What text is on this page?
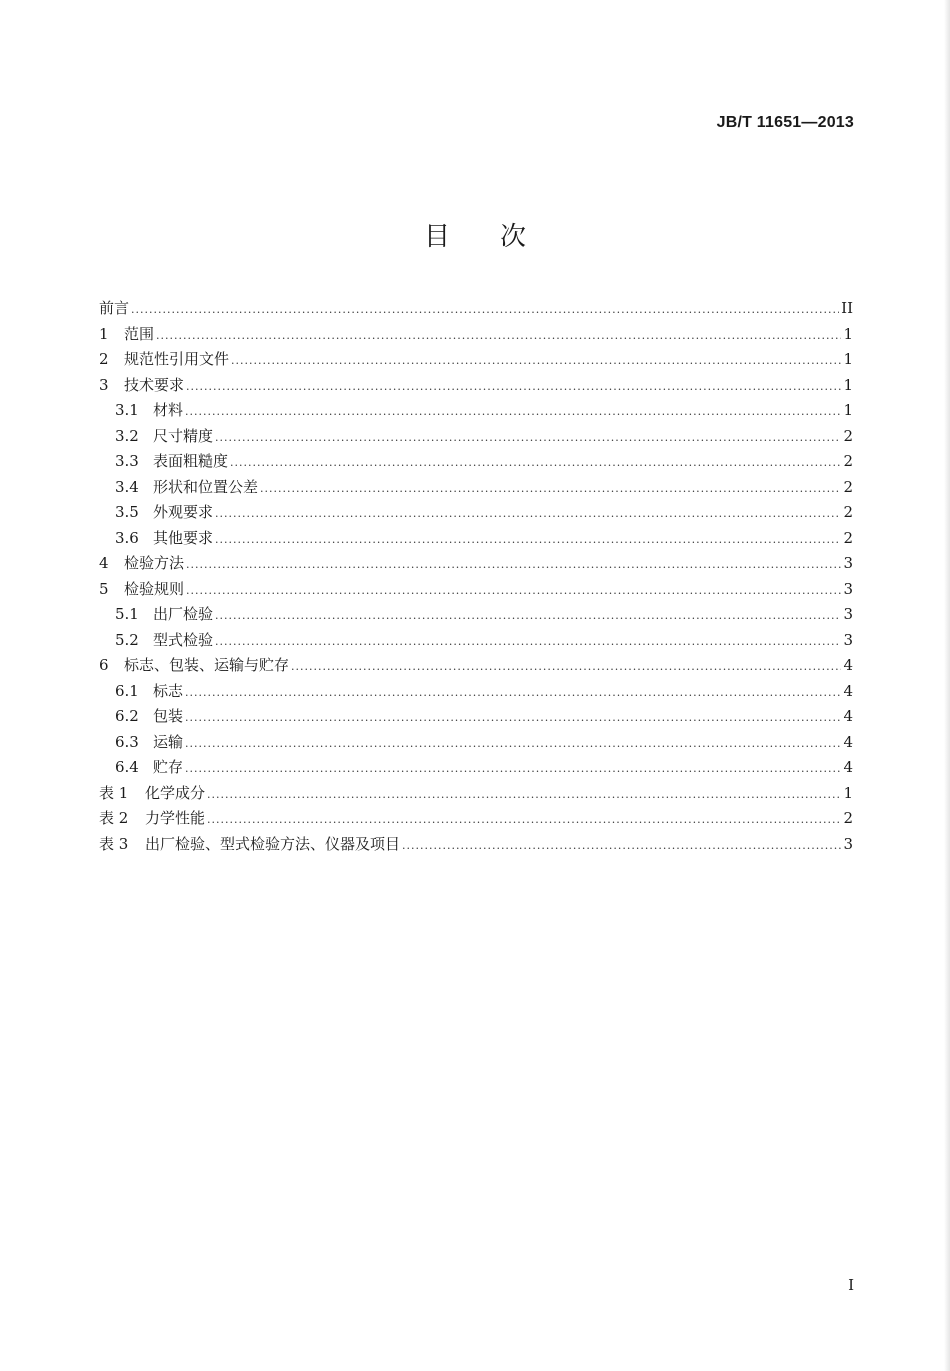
JB/T 11651—2013
目 次
前言 .....	II
1	范围 .....	1
2	规范性引用文件 .....	1
3	技术要求 .....	1
3.1 材料 .....	1
3.2 尺寸精度 .....	2
3.3 表面粗糙度 .....	2
3.4 形状和位置公差 .....	2
3.5 外观要求 .....	2
3.6 其他要求 .....	2
4	检验方法 .....	3
5	检验规则 .....	3
5.1 出厂检验 .....	3
5.2 型式检验 .....	3
6	标志、包装、运输与贮存 .....	4
6.1 标志 .....	4
6.2 包装 .....	4
6.3 运输 .....	4
6.4 贮存 .....	4
表 1	化学成分 .....	1
表 2	力学性能 .....	2
表 3	出厂检验、型式检验方法、仪器及项目 .....	3
I
